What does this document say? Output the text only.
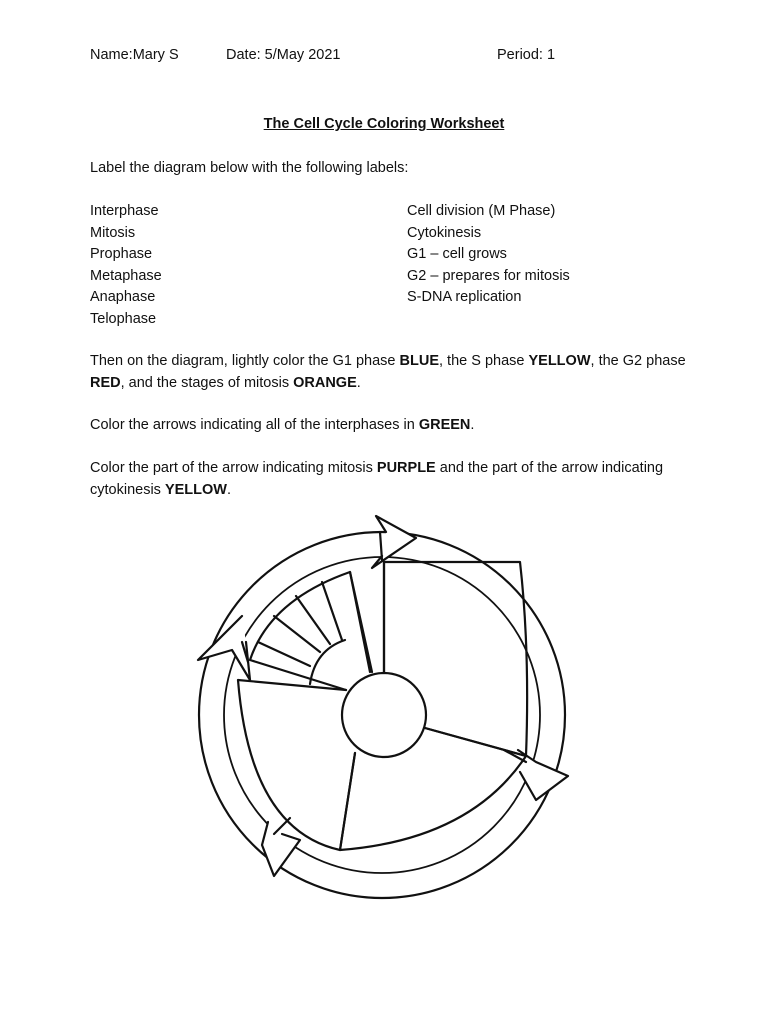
Name:Mary S	Date: 5/May 2021	Period: 1
The Cell Cycle Coloring Worksheet
Label the diagram below with the following labels:
Interphase
Mitosis
Prophase
Metaphase
Anaphase
Telophase
Cell division (M Phase)
Cytokinesis
G1 – cell grows
G2 – prepares for mitosis
S-DNA replication
Then on the diagram, lightly color the G1 phase BLUE, the S phase YELLOW, the G2 phase RED, and the stages of mitosis ORANGE.
Color the arrows indicating all of the interphases in GREEN.
Color the part of the arrow indicating mitosis PURPLE and the part of the arrow indicating cytokinesis YELLOW.
